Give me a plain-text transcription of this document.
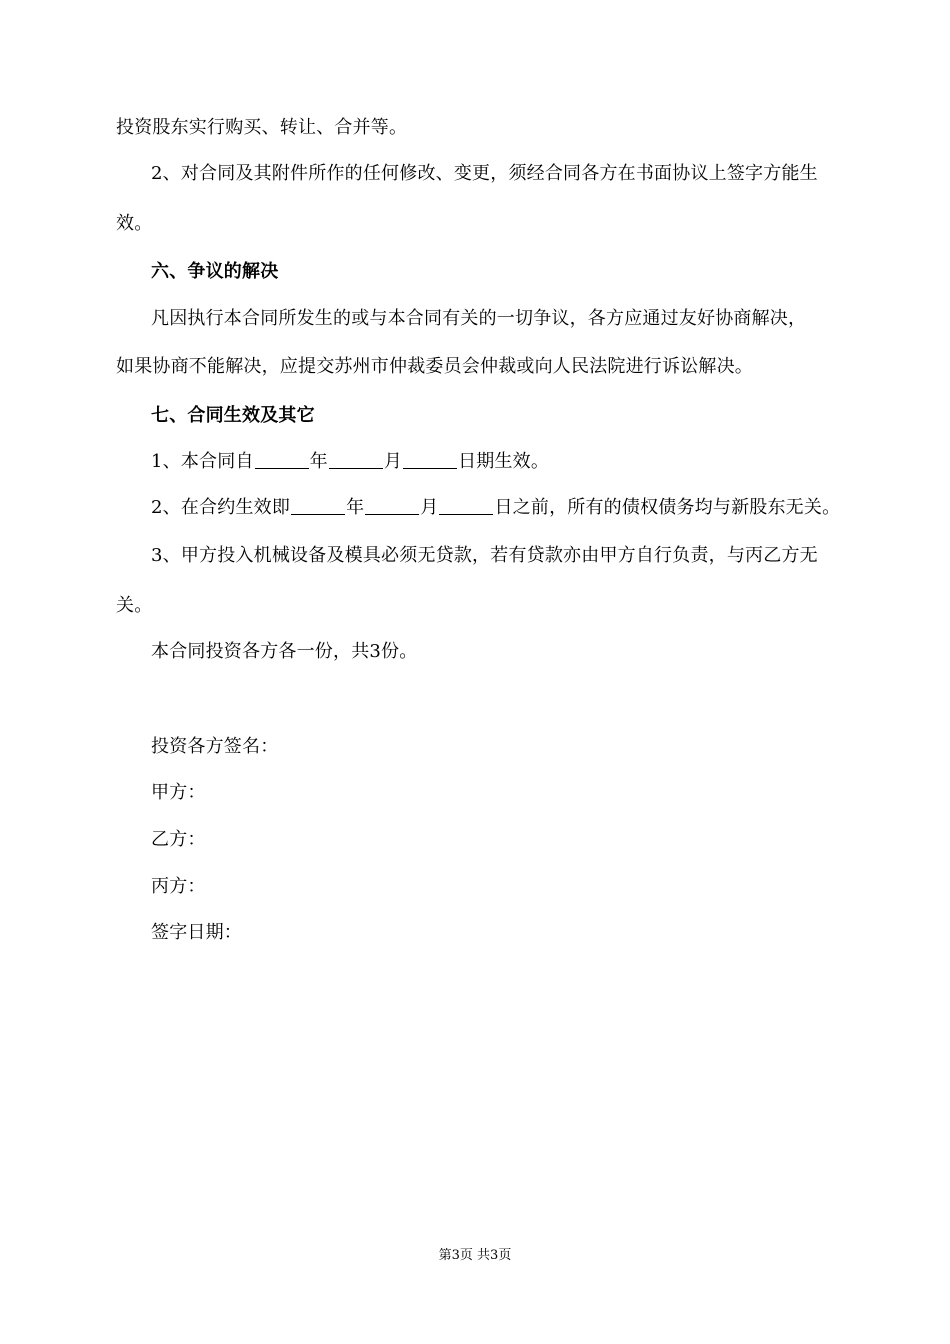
投资股东实行购买、转让、合并等。
2、对合同及其附件所作的任何修改、变更，须经合同各方在书面协议上签字方能生
效。
六、争议的解决
凡因执行本合同所发生的或与本合同有关的一切争议，各方应通过友好协商解决，
如果协商不能解决，应提交苏州市仲裁委员会仲裁或向人民法院进行诉讼解决。
七、合同生效及其它
1、本合同自	年	月	日期生效。
2、在合约生效即	年	月	日之前，所有的债权债务均与新股东无关。
3、甲方投入机械设备及模具必须无贷款，若有贷款亦由甲方自行负责，与丙乙方无
关。
本合同投资各方各一份，共3份。
投资各方签名：
甲方：
乙方：
丙方：
签字日期：
第3页 共3页
